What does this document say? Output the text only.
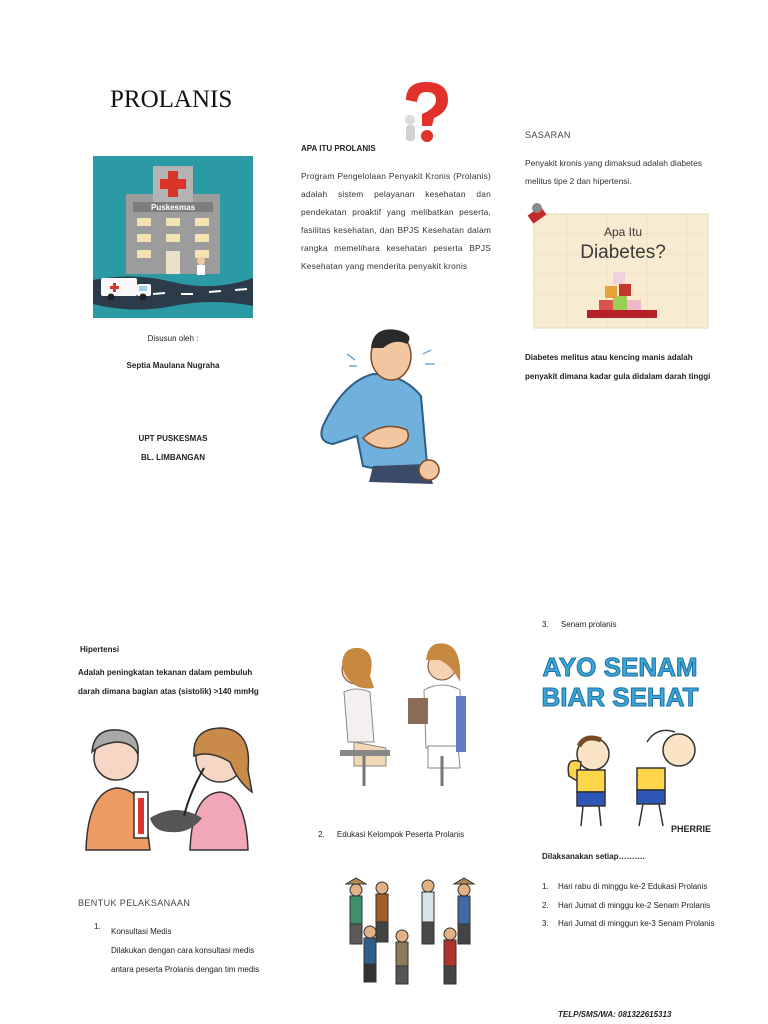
PROLANIS
Puskesmas
Disusun oleh :
Septia Maulana Nugraha
UPT PUSKESMAS
BL. LIMBANGAN
APA ITU PROLANIS
Program Pengelolaan Penyakit Kronis (Prolanis) adalah sistem pelayanan kesehatan dan pendekatan proaktif yang melibatkan peserta, fasilitas kesehatan, dan BPJS Kesehatan dalam rangka memelihara kesehatan peserta BPJS Kesehatan yang menderita penyakit kronis
SASARAN
Penyakit kronis yang dimaksud adalah diabetes melitus tipe 2 dan hipertensi.
Apa Itu
Diabetes?
Diabetes melitus atau kencing manis adalah penyakit dimana kadar gula didalam darah tinggi
Hipertensi
Adalah peningkatan tekanan dalam pembuluh darah dimana bagian atas (sistolik) >140 mmHg
BENTUK PELAKSANAAN
1.
Konsultasi Medis
Dilakukan dengan cara konsultasi medis antara peserta Prolanis dengan tim medis
2. Edukasi Kelompok Peserta Prolanis
3. Senam prolanis
AYO SENAM
BIAR SEHAT
PHERRIE
Dilaksanakan setiap……….
1. Hari rabu di minggu ke-2 Edukasi Prolanis
2. Hari Jumat di minggu ke-2 Senam Prolanis
3. Hari Jumat di minggun ke-3 Senam Prolanis
TELP/SMS/WA: 081322615313
